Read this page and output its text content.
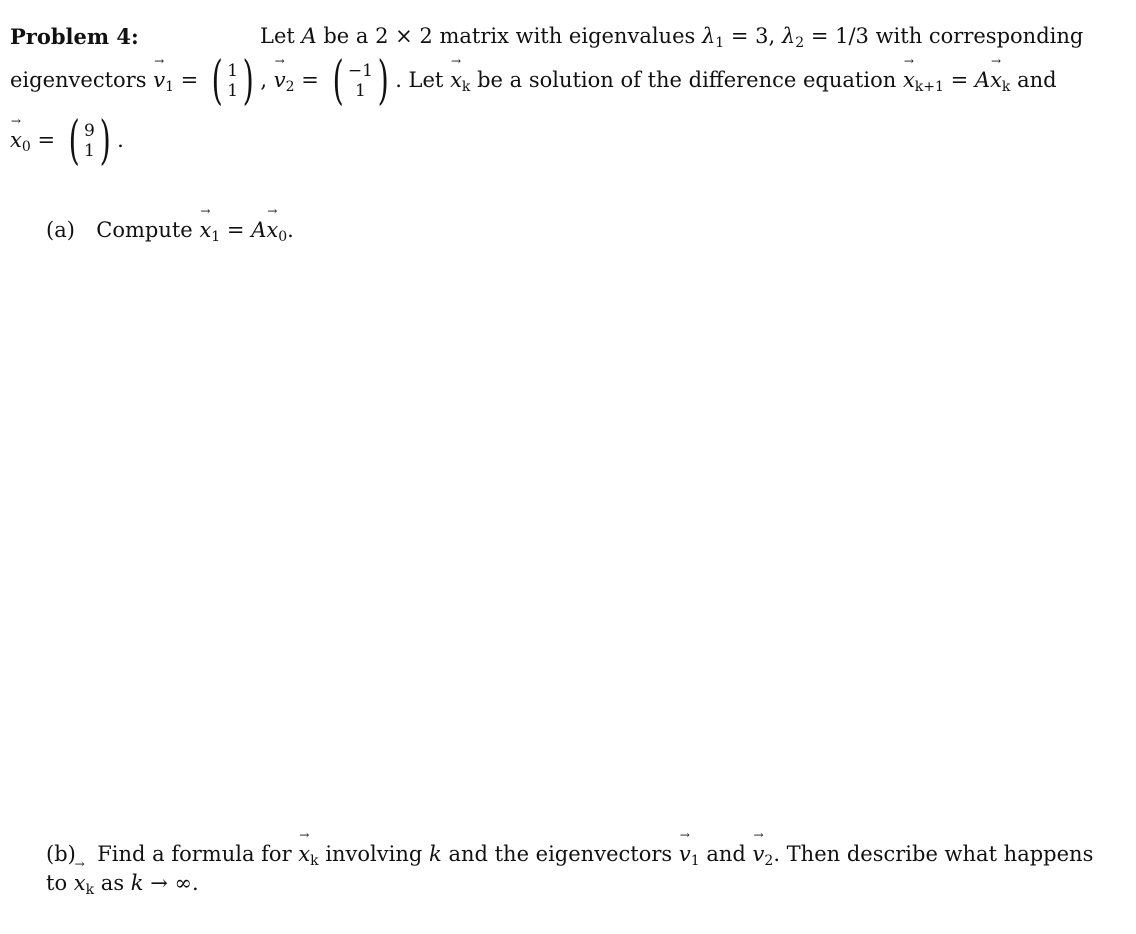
Problem 4:	Let A be a 2 × 2 matrix with eigenvalues $\lambda_1 = 3$, $\lambda_2 = 1/3$ with corresponding
eigenvectors → $v_1$ = ( 1
1 ) , → $v_2$ = ( −1
1 ) . Let → $x_k$ be a solution of the difference equation → $x_{k+1} = A\to x_k$ and
→ $x_0$ = ( 9
1 ) .
(a) Compute → $x_1 = A\to x_0$.
(b) Find a formula for → $x_k$ involving k and the eigenvectors → $v_1$ and → $v_2$. Then describe what happens
to → $x_k$ as k → ∞.
